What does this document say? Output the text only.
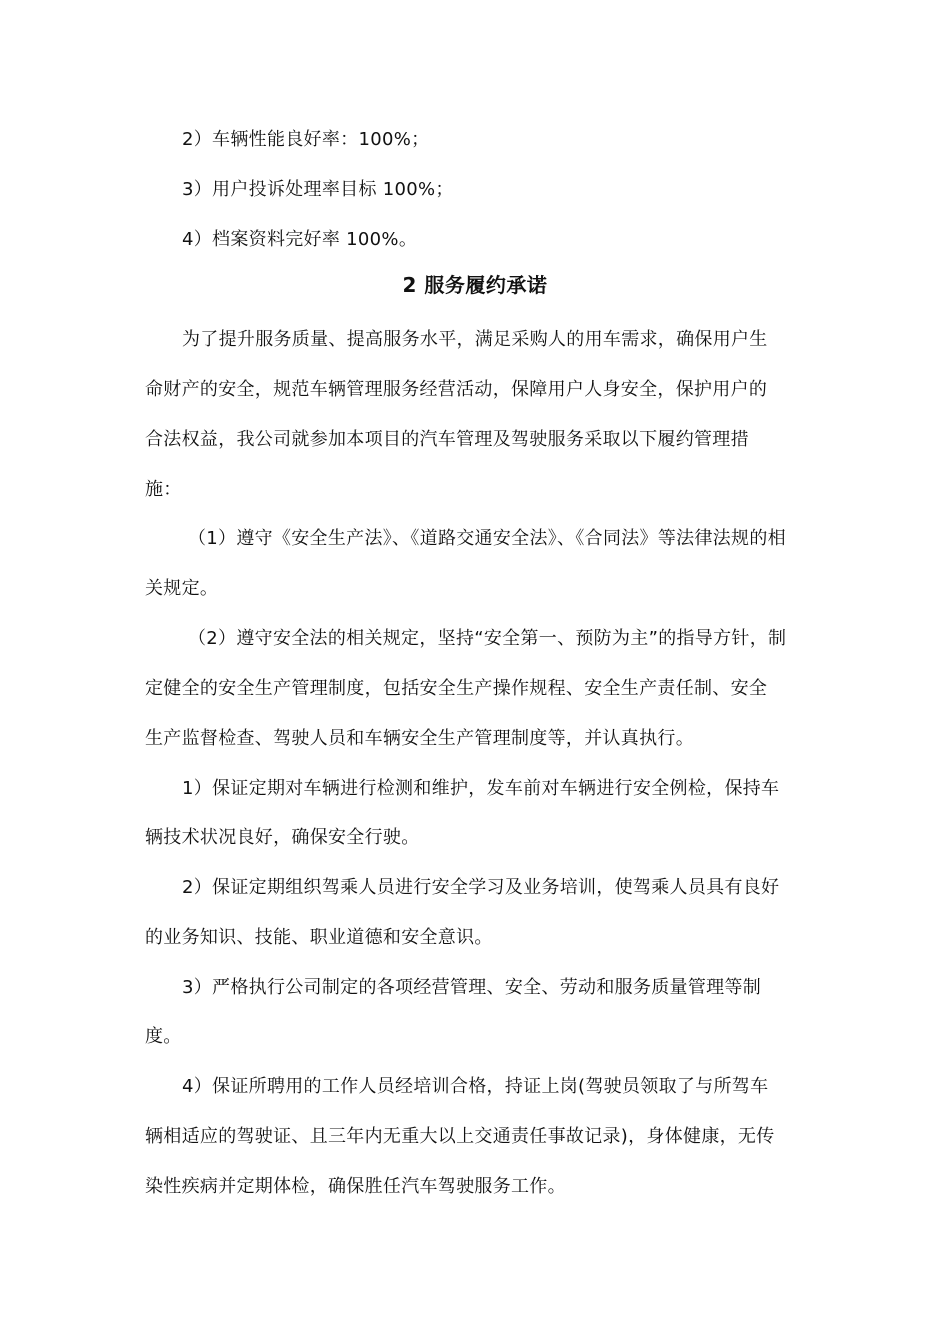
2）车辆性能良好率：100%；
3）用户投诉处理率目标 100%；
4）档案资料完好率 100%。
2 服务履约承诺
为了提升服务质量、提高服务水平，满足采购人的用车需求，确保用户生
命财产的安全，规范车辆管理服务经营活动，保障用户人身安全，保护用户的
合法权益，我公司就参加本项目的汽车管理及驾驶服务采取以下履约管理措
施：
（1）遵守《安全生产法》、《道路交通安全法》、《合同法》等法律法规的相
关规定。
（2）遵守安全法的相关规定，坚持“安全第一、预防为主”的指导方针，制
定健全的安全生产管理制度，包括安全生产操作规程、安全生产责任制、安全
生产监督检查、驾驶人员和车辆安全生产管理制度等，并认真执行。
1）保证定期对车辆进行检测和维护，发车前对车辆进行安全例检，保持车
辆技术状况良好，确保安全行驶。
2）保证定期组织驾乘人员进行安全学习及业务培训，使驾乘人员具有良好
的业务知识、技能、职业道德和安全意识。
3）严格执行公司制定的各项经营管理、安全、劳动和服务质量管理等制
度。
4）保证所聘用的工作人员经培训合格，持证上岗(驾驶员领取了与所驾车
辆相适应的驾驶证、且三年内无重大以上交通责任事故记录)，身体健康，无传
染性疾病并定期体检，确保胜任汽车驾驶服务工作。
